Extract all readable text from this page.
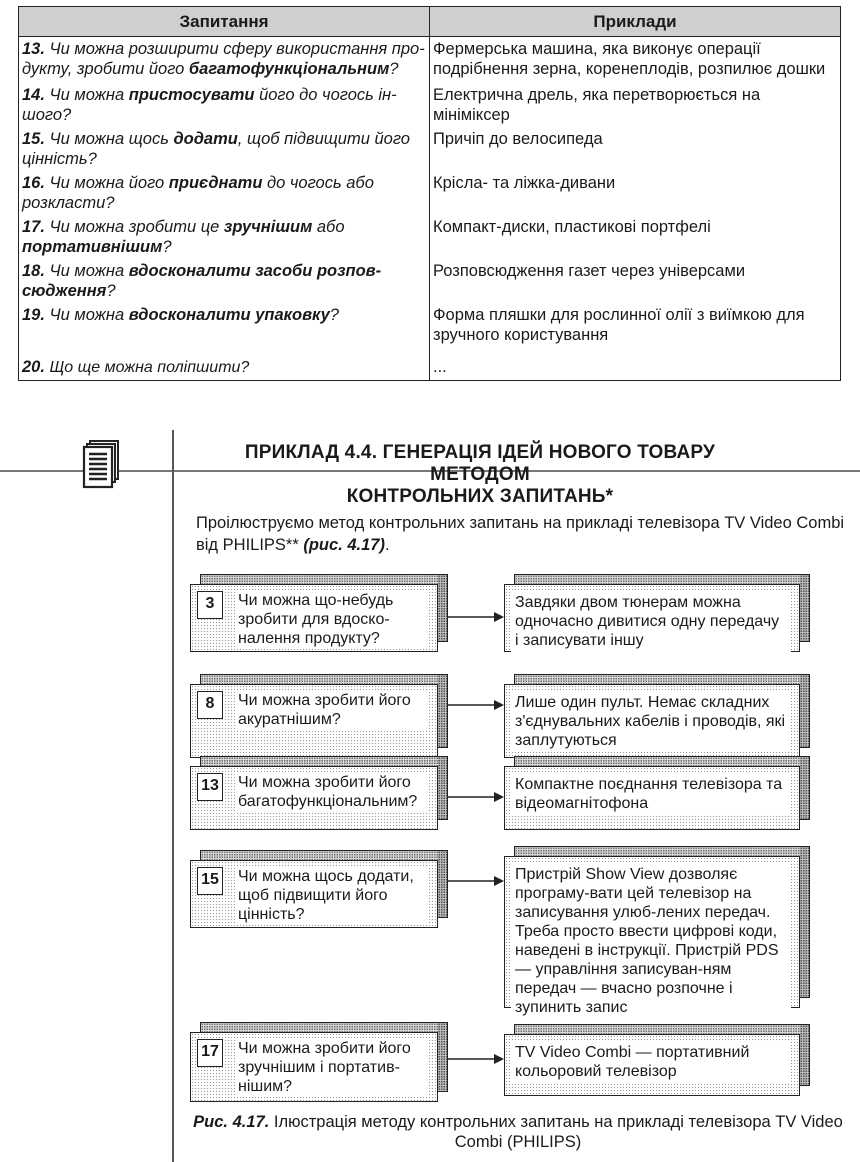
Запитання	Приклади
13. Чи можна розширити сферу використання про-дукту, зробити його багатофункціональним?	Фермерська машина, яка виконує операції подрібнення зерна, коренеплодів, розпилює дошки
14. Чи можна пристосувати його до чогось ін-шого?	Електрична дрель, яка перетворюється на мініміксер
15. Чи можна щось додати, щоб підвищити його цінність?	Причіп до велосипеда
16. Чи можна його приєднати до чогось або розкласти?	Крісла- та ліжка-дивани
17. Чи можна зробити це зручнішим або портативнішим?	Компакт-диски, пластикові портфелі
18. Чи можна вдосконалити засоби розпов-сюдження?	Розповсюдження газет через універсами
19. Чи можна вдосконалити упаковку?	Форма пляшки для рослинної олії з виїмкою для зручного користування
20. Що ще можна поліпшити?	...
ПРИКЛАД 4.4. ГЕНЕРАЦІЯ ІДЕЙ НОВОГО ТОВАРУ МЕТОДОМ
КОНТРОЛЬНИХ ЗАПИТАНЬ*
Проілюструємо метод контрольних запитань на прикладі телевізора TV Video Combi від PHILIPS** (рис. 4.17).
3	Чи можна що-небудь зробити для вдоско-налення продукту?
Завдяки двом тюнерам можна одночасно дивитися одну передачу і записувати іншу
8	Чи можна зробити його акуратнішим?
Лише один пульт. Немає складних з'єднувальних кабелів і проводів, які заплутуються
13 Чи можна зробити його багатофункціональним?
Компактне поєднання телевізора та відеомагнітофона
15 Чи можна щось додати, щоб підвищити його цінність?
Пристрій Show View дозволяє програму-вати цей телевізор на записування улюб-лених передач. Треба просто ввести цифрові коди, наведені в інструкції. Пристрій PDS — управління записуван-ням передач — вчасно розпочне і зупинить запис
17 Чи можна зробити його зручнішим і портатив-нішим?
TV Video Combi — портативний кольоровий телевізор
Рис. 4.17. Ілюстрація методу контрольних запитань на прикладі телевізора TV Video Combi (PHILIPS)
